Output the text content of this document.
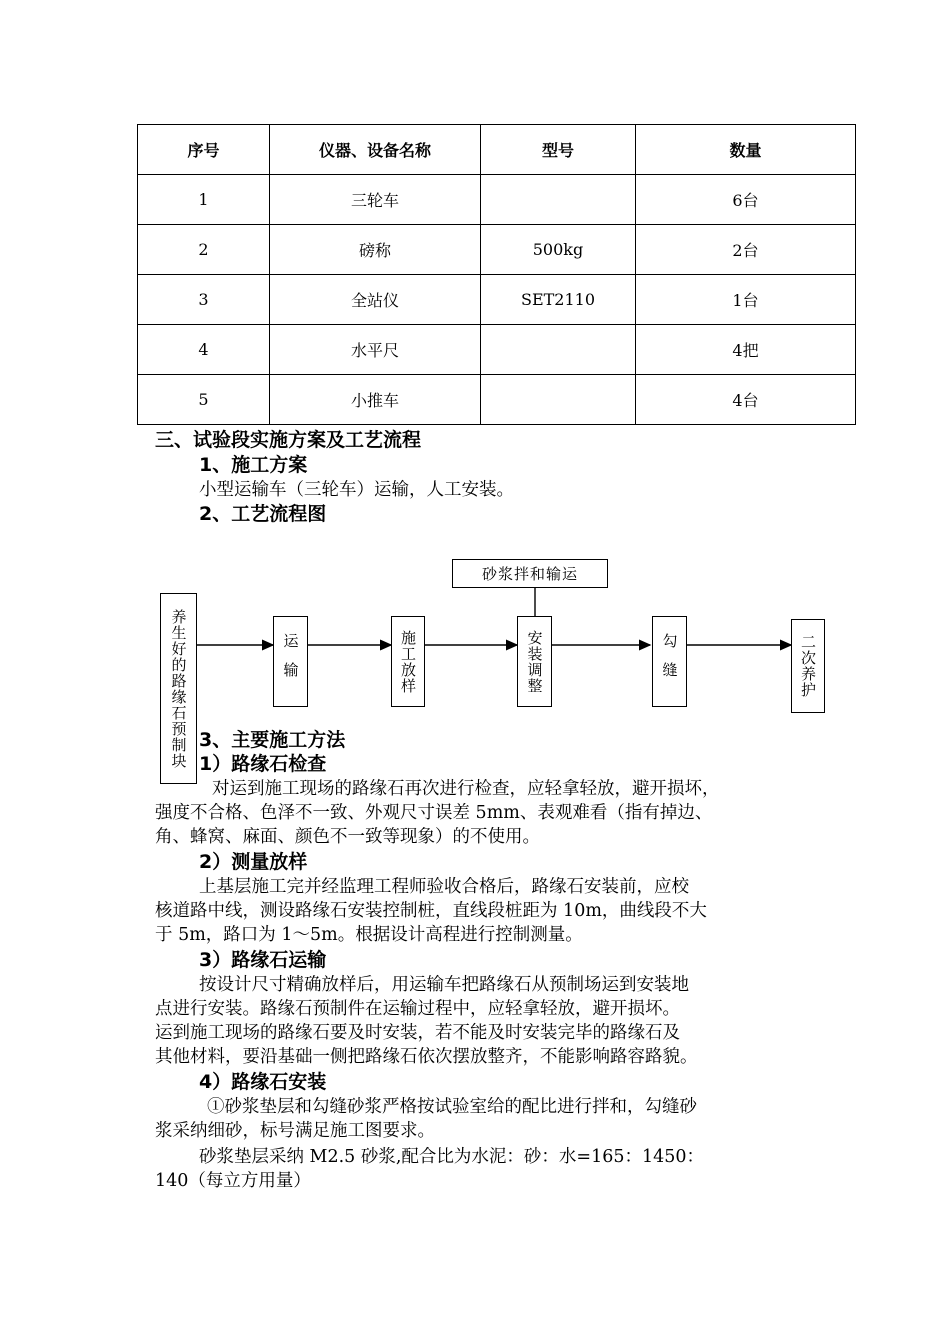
序号	仪器、设备名称	型号	数量
1	三轮车		6台
2	磅称	500kg	2台
3	全站仪	SET2110	1台
4	水平尺		4把
5	小推车		4台
三、试验段实施方案及工艺流程
1、施工方案
小型运输车（三轮车）运输，人工安装。
2、工艺流程图
砂浆拌和输运
养生好的路缘石预制块	运输	施工放样	安装调整	勾缝	二次养护
3、主要施工方法
1）路缘石检查
对运到施工现场的路缘石再次进行检查，应轻拿轻放，避开损坏，
强度不合格、色泽不一致、外观尺寸误差 5mm、表观难看（指有掉边、
角、蜂窝、麻面、颜色不一致等现象）的不使用。
2）测量放样
上基层施工完并经监理工程师验收合格后，路缘石安装前，应校
核道路中线，测设路缘石安装控制桩，直线段桩距为 10m，曲线段不大
于 5m，路口为 1～5m。根据设计高程进行控制测量。
3）路缘石运输
按设计尺寸精确放样后，用运输车把路缘石从预制场运到安装地
点进行安装。路缘石预制件在运输过程中，应轻拿轻放，避开损坏。
运到施工现场的路缘石要及时安装，若不能及时安装完毕的路缘石及
其他材料，要沿基础一侧把路缘石依次摆放整齐，不能影响路容路貌。
4）路缘石安装
①砂浆垫层和勾缝砂浆严格按试验室给的配比进行拌和，勾缝砂
浆采纳细砂，标号满足施工图要求。
砂浆垫层采纳 M2.5 砂浆,配合比为水泥：砂：水=165：1450：
140（每立方用量）
